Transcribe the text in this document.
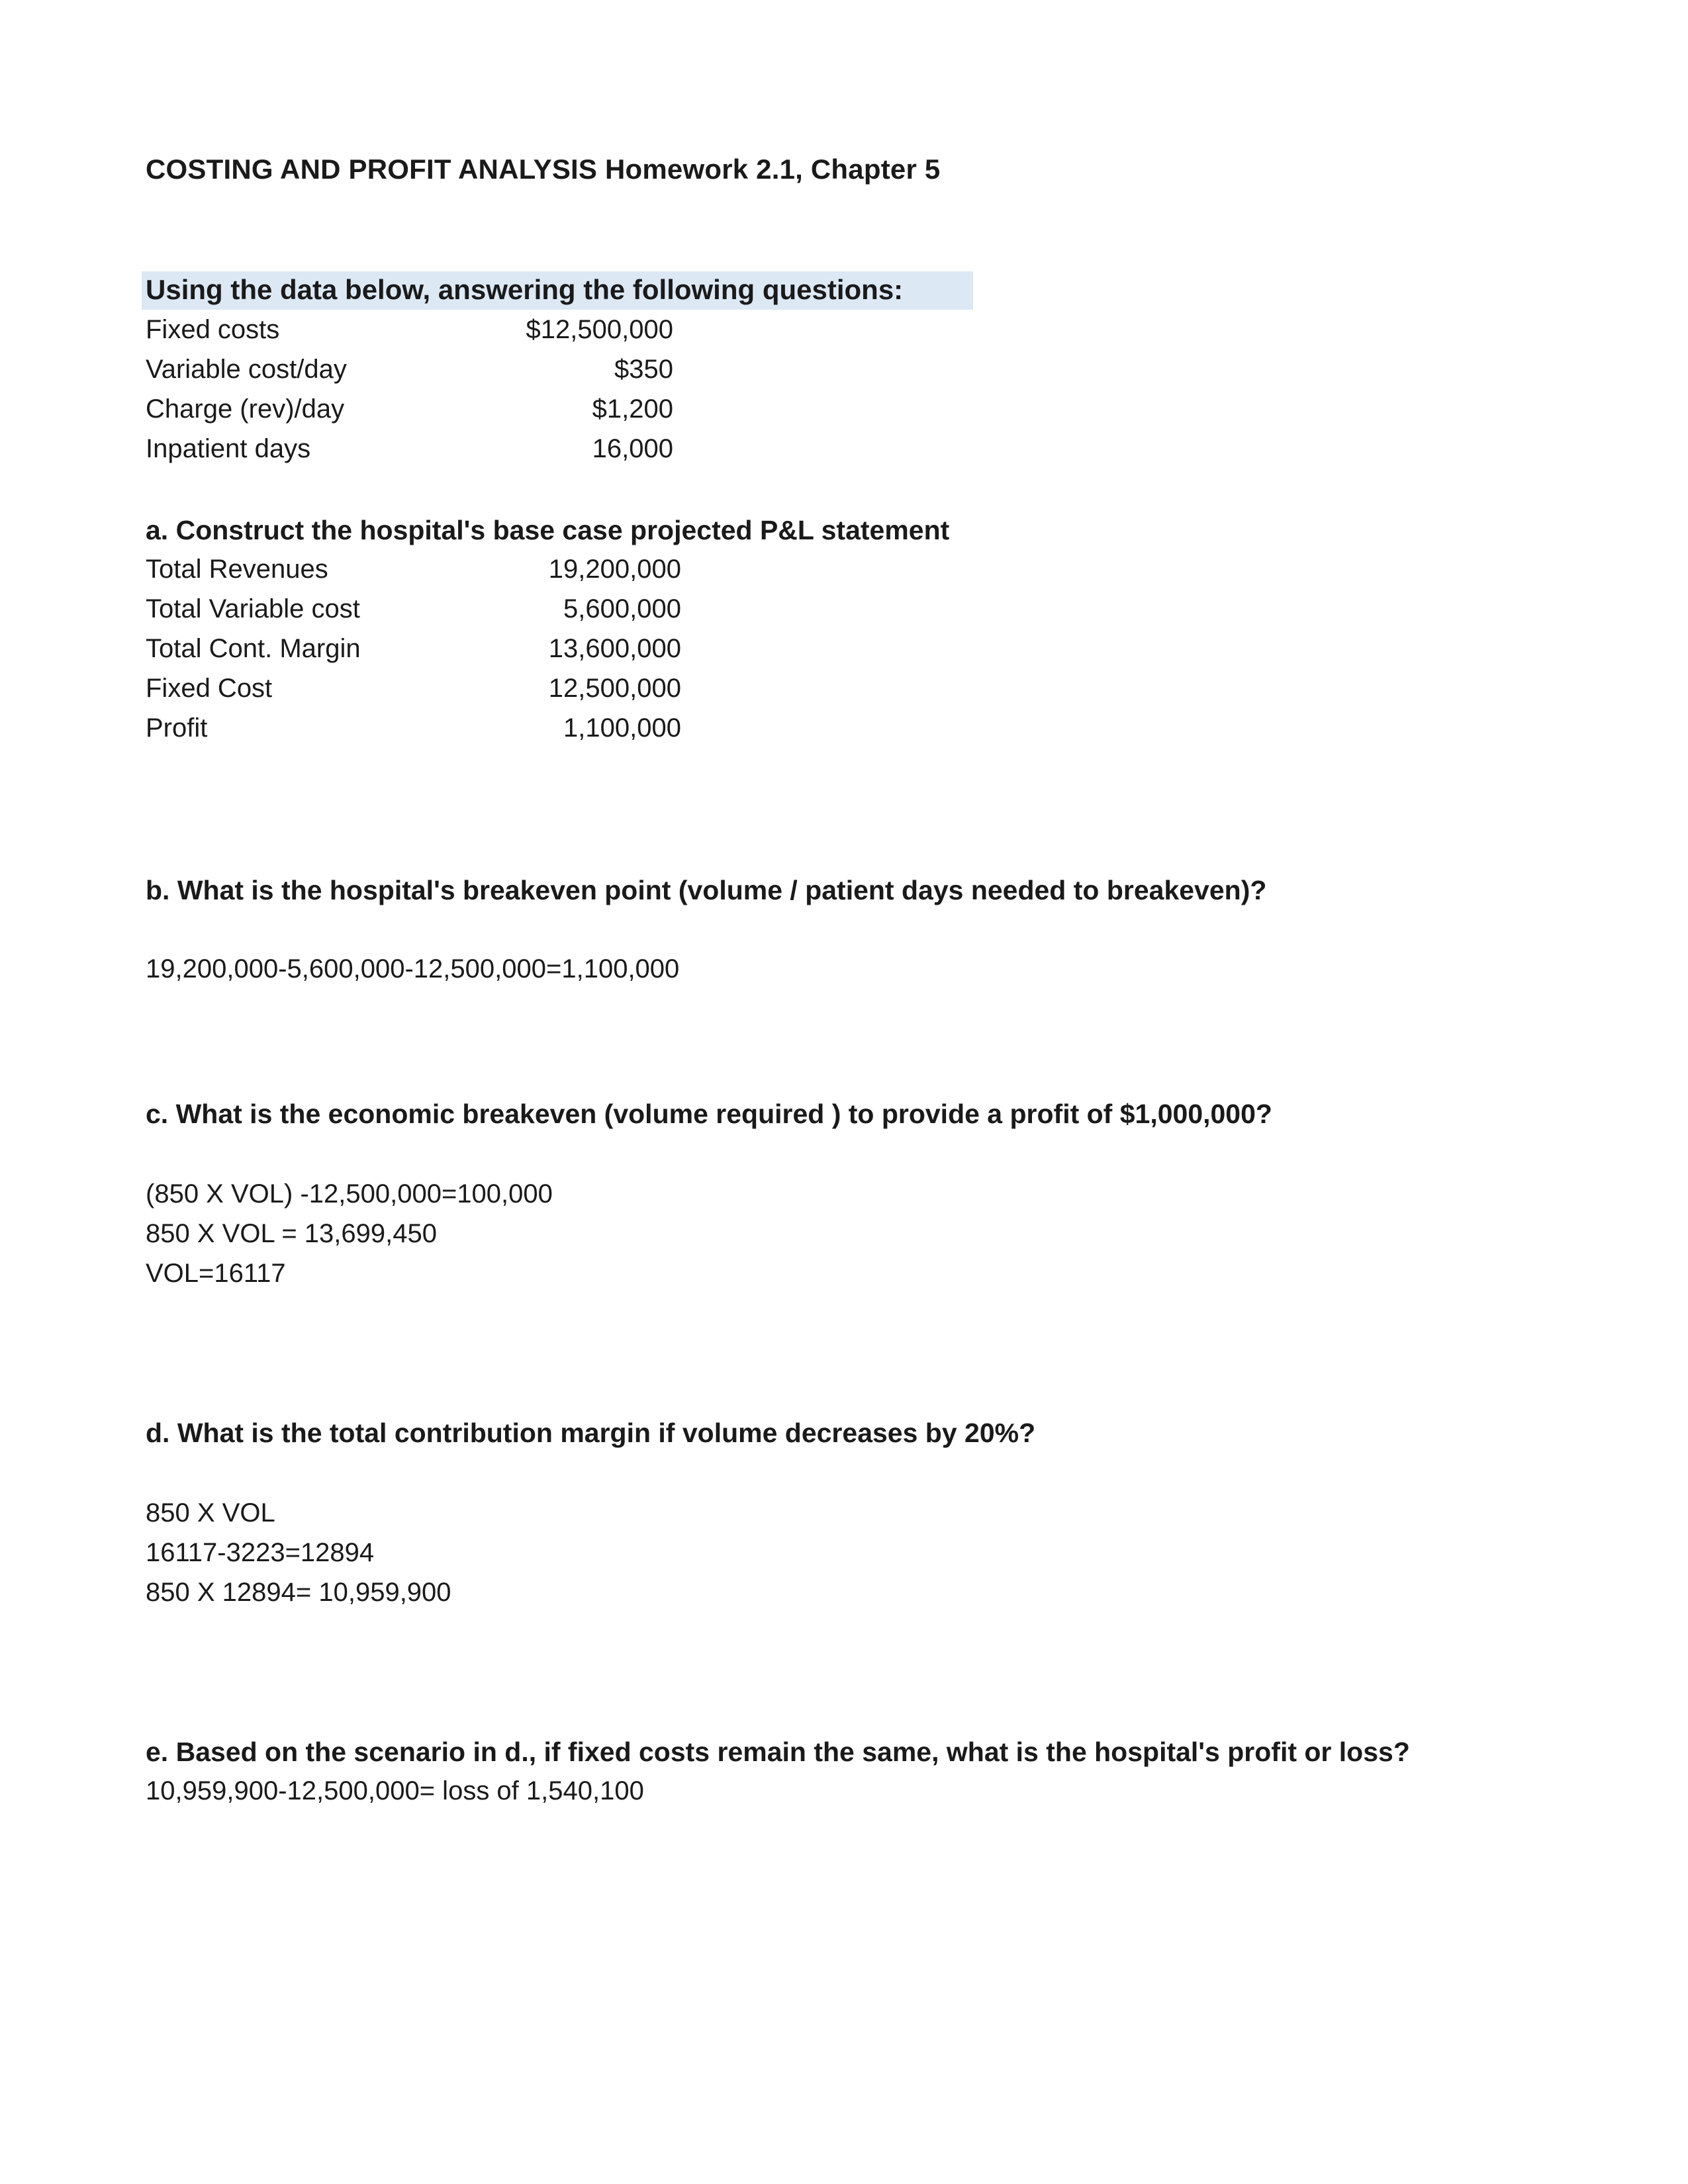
COSTING AND PROFIT ANALYSIS Homework 2.1, Chapter 5
Using the data below, answering the following questions:
Fixed costs	$12,500,000
Variable cost/day	$350
Charge (rev)/day	$1,200
Inpatient days	16,000
a. Construct the hospital's base case projected P&L statement
Total Revenues	19,200,000
Total Variable cost	5,600,000
Total Cont. Margin	13,600,000
Fixed Cost	12,500,000
Profit	1,100,000
b. What is the hospital's breakeven point (volume / patient days needed to breakeven)?
19,200,000-5,600,000-12,500,000=1,100,000
c. What is the economic breakeven (volume required ) to provide a profit of $1,000,000?
(850 X VOL) -12,500,000=100,000
850 X VOL = 13,699,450
VOL=16117
d. What is the total contribution margin if volume decreases by 20%?
850 X VOL
16117-3223=12894
850 X 12894= 10,959,900
e. Based on the scenario in d., if fixed costs remain the same, what is the hospital's profit or loss?
10,959,900-12,500,000= loss of 1,540,100
